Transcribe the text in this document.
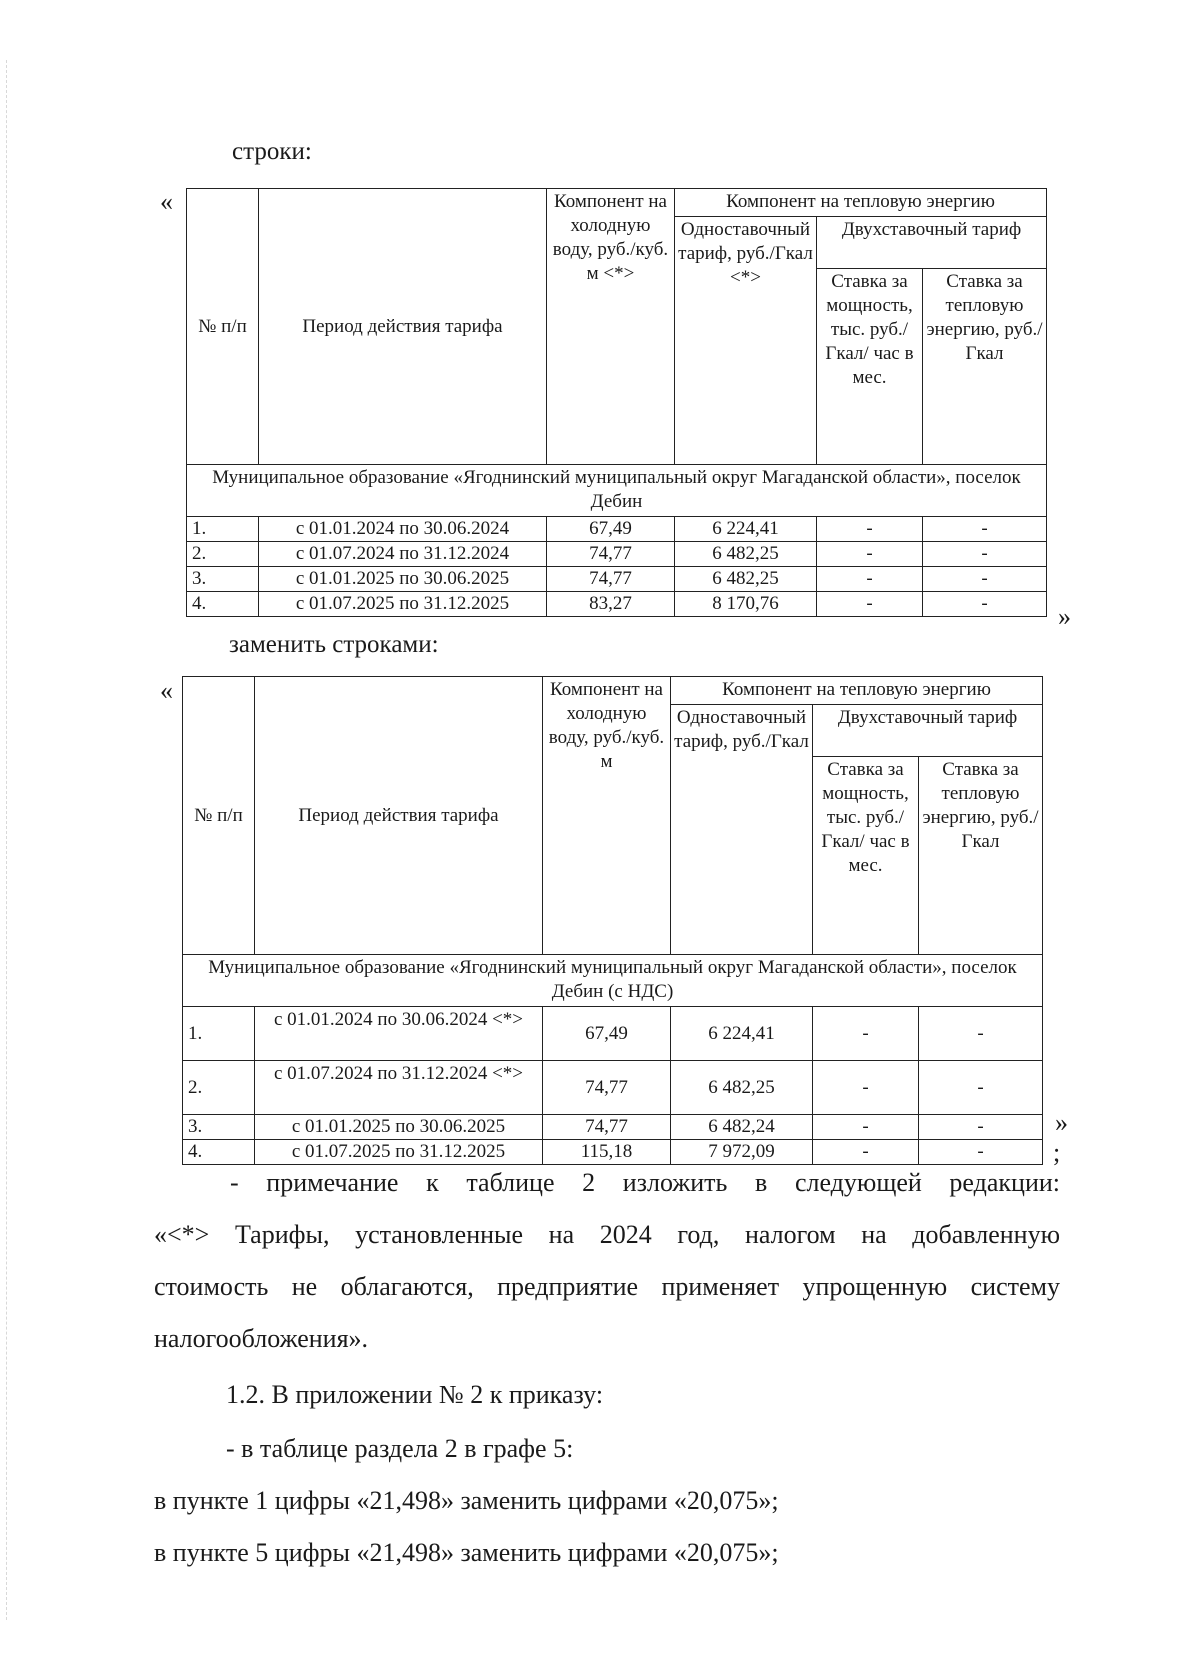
строки:
«
№ п/п	Период действия тарифа	Компонент на холодную воду, руб./куб. м <*>	Компонент на тепловую энергию		
			Одноставочный тариф, руб./Гкал <*>	Двухставочный тариф	
				Ставка за мощность, тыс. руб./Гкал/ час в мес.	Ставка за тепловую энергию, руб./Гкал
Муниципальное образование «Ягоднинский муниципальный округ Магаданской области», поселок Дебин					
1.	с 01.01.2024 по 30.06.2024	67,49	6 224,41	-	-
2.	с 01.07.2024 по 31.12.2024	74,77	6 482,25	-	-
3.	с 01.01.2025 по 30.06.2025	74,77	6 482,25	-	-
4.	с 01.07.2025 по 31.12.2025	83,27	8 170,76	-	-	»
заменить строками:
«
№ п/п	Период действия тарифа	Компонент на холодную воду, руб./куб. м	Компонент на тепловую энергию		
			Одноставочный тариф, руб./Гкал	Двухставочный тариф	
				Ставка за мощность, тыс. руб./Гкал/ час в мес.	Ставка за тепловую энергию, руб./Гкал
Муниципальное образование «Ягоднинский муниципальный округ Магаданской области», поселок Дебин (с НДС)					
1.	с 01.01.2024 по 30.06.2024 <*>	67,49	6 224,41	-	-
2.	с 01.07.2024 по 31.12.2024 <*>	74,77	6 482,25	-	-
3.	с 01.01.2025 по 30.06.2025	74,77	6 482,24	-	-
4.	с 01.07.2025 по 31.12.2025	115,18	7 972,09	-	-
»
;
- примечание к таблице 2 изложить в следующей редакции:
«<*> Тарифы, установленные на 2024 год, налогом на добавленную
стоимость не облагаются, предприятие применяет упрощенную систему
налогообложения».
1.2. В приложении № 2 к приказу:
- в таблице раздела 2 в графе 5:
в пункте 1 цифры «21,498» заменить цифрами «20,075»;
в пункте 5 цифры «21,498» заменить цифрами «20,075»;
